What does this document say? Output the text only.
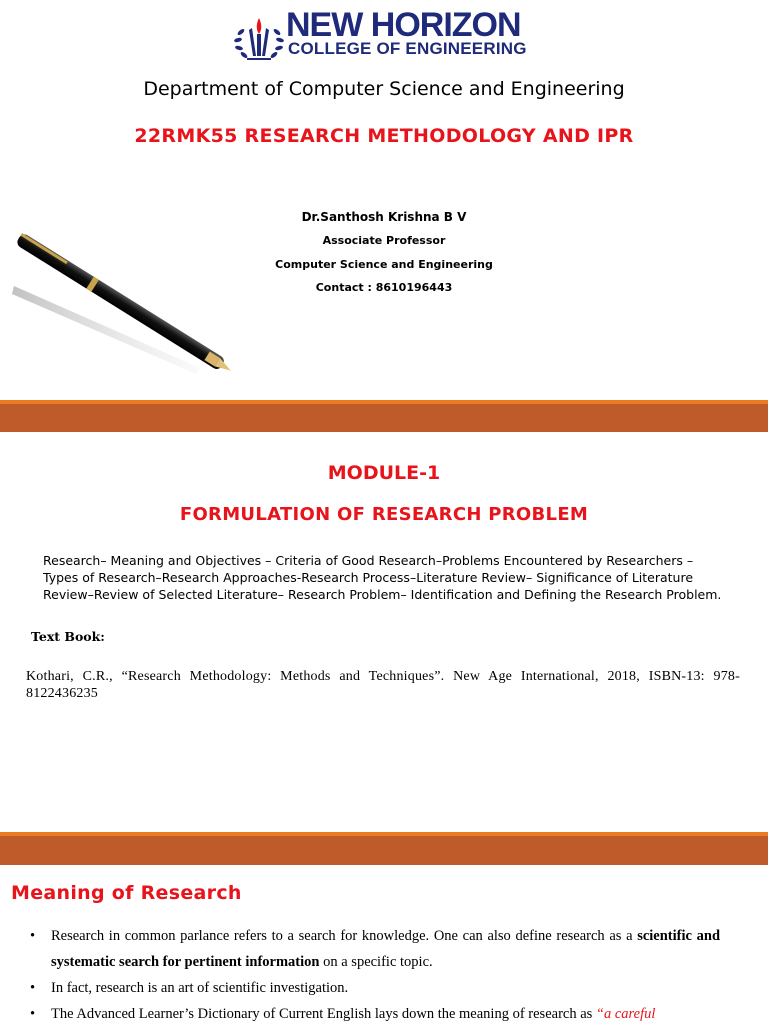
NEW HORIZON
COLLEGE OF ENGINEERING
Department of Computer Science and Engineering
22RMK55 RESEARCH METHODOLOGY AND IPR
Dr.Santhosh Krishna B V
Associate Professor
Computer Science and Engineering
Contact : 8610196443
MODULE-1
FORMULATION OF RESEARCH PROBLEM
Research– Meaning and Objectives – Criteria of Good Research–Problems Encountered by Researchers –Types of Research–Research Approaches-Research Process–Literature Review– Significance of Literature Review–Review of Selected Literature– Research Problem– Identification and Defining the Research Problem.
Text Book:
Kothari, C.R., “Research Methodology: Methods and Techniques”. New Age International, 2018, ISBN-13: 978-8122436235
Meaning of Research
• Research in common parlance refers to a search for knowledge. One can also define research as a scientific and systematic search for pertinent information on a specific topic.
• In fact, research is an art of scientific investigation.
• The Advanced Learner’s Dictionary of Current English lays down the meaning of research as “a careful
